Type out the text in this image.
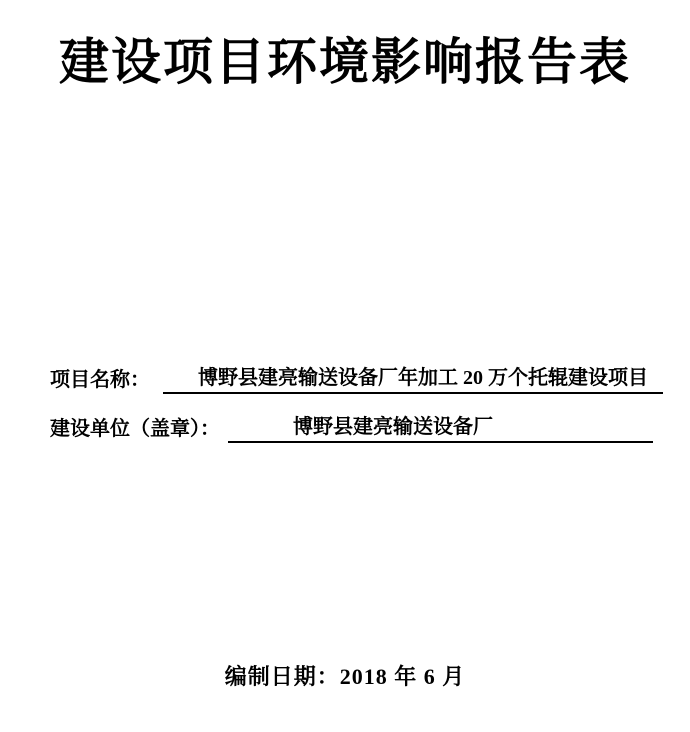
建设项目环境影响报告表
项目名称：	博野县建亮输送设备厂年加工 20 万个托辊建设项目
建设单位（盖章）：	博野县建亮输送设备厂
编制日期：2018 年 6 月
